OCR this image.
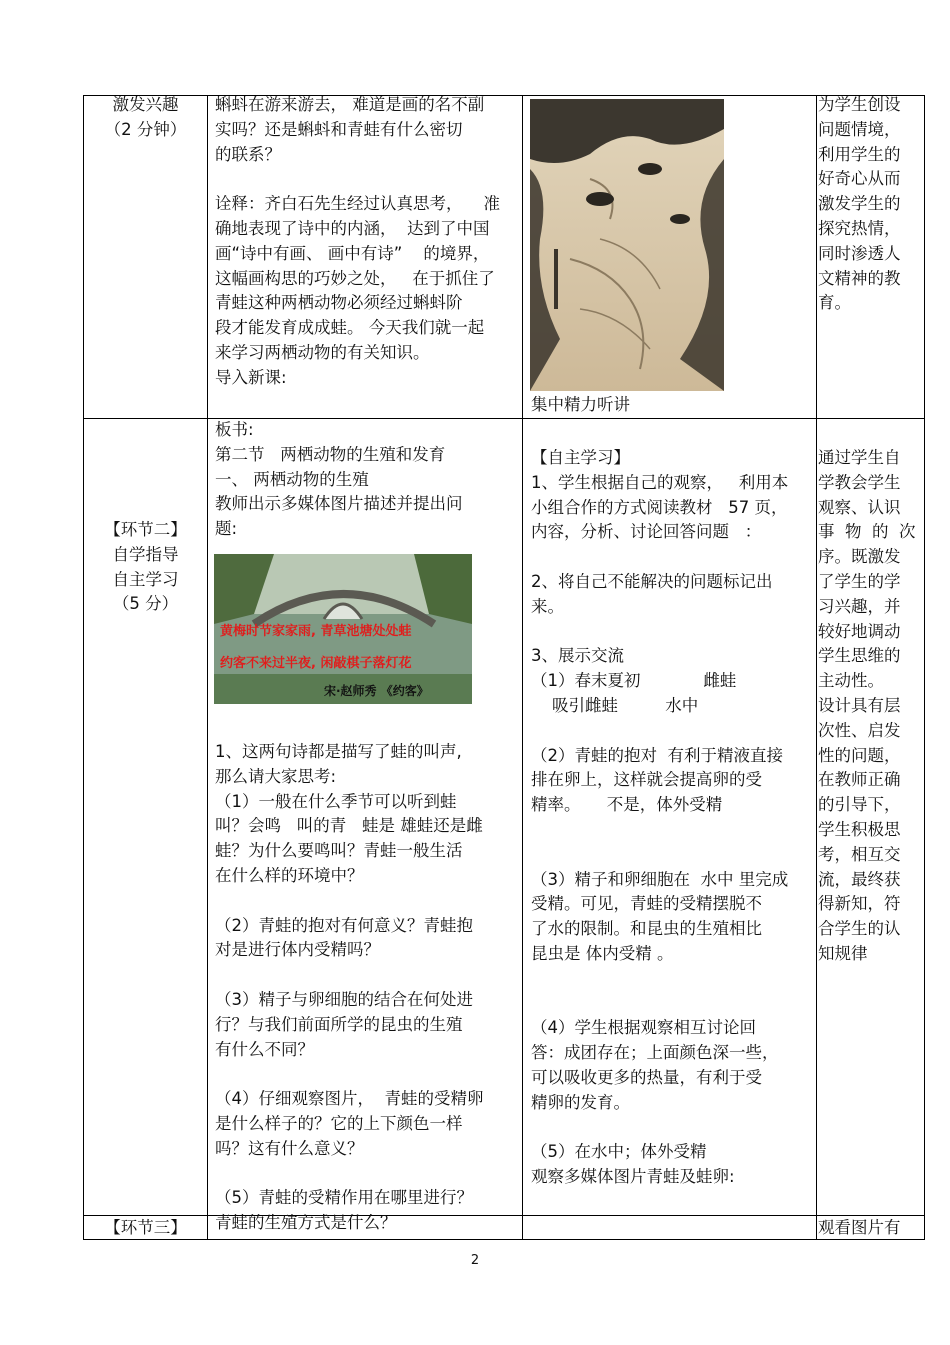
激发兴趣
（2 分钟）
蝌蚪在游来游去， 难道是画的名不副
实吗？还是蝌蚪和青蛙有什么密切
的联系？

诠释：齐白石先生经过认真思考，    准
确地表现了诗中的内涵，  达到了中国
画“诗中有画、 画中有诗”    的境界，
这幅画构思的巧妙之处，   在于抓住了
青蛙这种两栖动物必须经过蝌蚪阶
段才能发育成成蛙。 今天我们就一起
来学习两栖动物的有关知识。
导入新课:
集中精力听讲
为学生创设
问题情境，
利用学生的
好奇心从而
激发学生的
探究热情，
同时渗透人
文精神的教
育。
【环节二】
自学指导
自主学习
（5 分）
板书:
第二节   两栖动物的生殖和发育
一、 两栖动物的生殖
教师出示多媒体图片描述并提出问
题:
黄梅时节家家雨, 青草池塘处处蛙
约客不来过半夜, 闲敲棋子落灯花
宋·赵师秀 《约客》
1、这两句诗都是描写了蛙的叫声,
那么请大家思考:
（1）一般在什么季节可以听到蛙
叫？会鸣   叫的青   蛙是 雄蛙还是雌
蛙？为什么要鸣叫？青蛙一般生活
在什么样的环境中？

（2）青蛙的抱对有何意义？青蛙抱
对是进行体内受精吗？

（3）精子与卵细胞的结合在何处进
行？与我们前面所学的昆虫的生殖
有什么不同？

（4）仔细观察图片，  青蛙的受精卵
是什么样子的？它的上下颜色一样
吗？这有什么意义？

（5）青蛙的受精作用在哪里进行？
青蛙的生殖方式是什么？
【自主学习】
1、学生根据自己的观察，   利用本
小组合作的方式阅读教材   57 页，
内容，分析、讨论回答问题   ：

2、将自己不能解决的问题标记出
来。

3、展示交流
（1）春末夏初            雌蛙
吸引雌蛙         水中

（2）青蛙的抱对  有利于精液直接
排在卵上，这样就会提高卵的受
精率。     不是，体外受精

（3）精子和卵细胞在  水中 里完成
受精。可见，青蛙的受精摆脱不
了水的限制。和昆虫的生殖相比
昆虫是 体内受精 。

（4）学生根据观察相互讨论回
答：成团存在；上面颜色深一些，
可以吸收更多的热量，有利于受
精卵的发育。

（5）在水中；体外受精
观察多媒体图片青蛙及蛙卵:
通过学生自
学教会学生
观察、认识
事  物  的  次
序。既激发
了学生的学
习兴趣，并
较好地调动
学生思维的
主动性。
设计具有层
次性、启发
性的问题，
在教师正确
的引导下，
学生积极思
考，相互交
流，最终获
得新知，符
合学生的认
知规律
【环节三】	观看图片有
2
